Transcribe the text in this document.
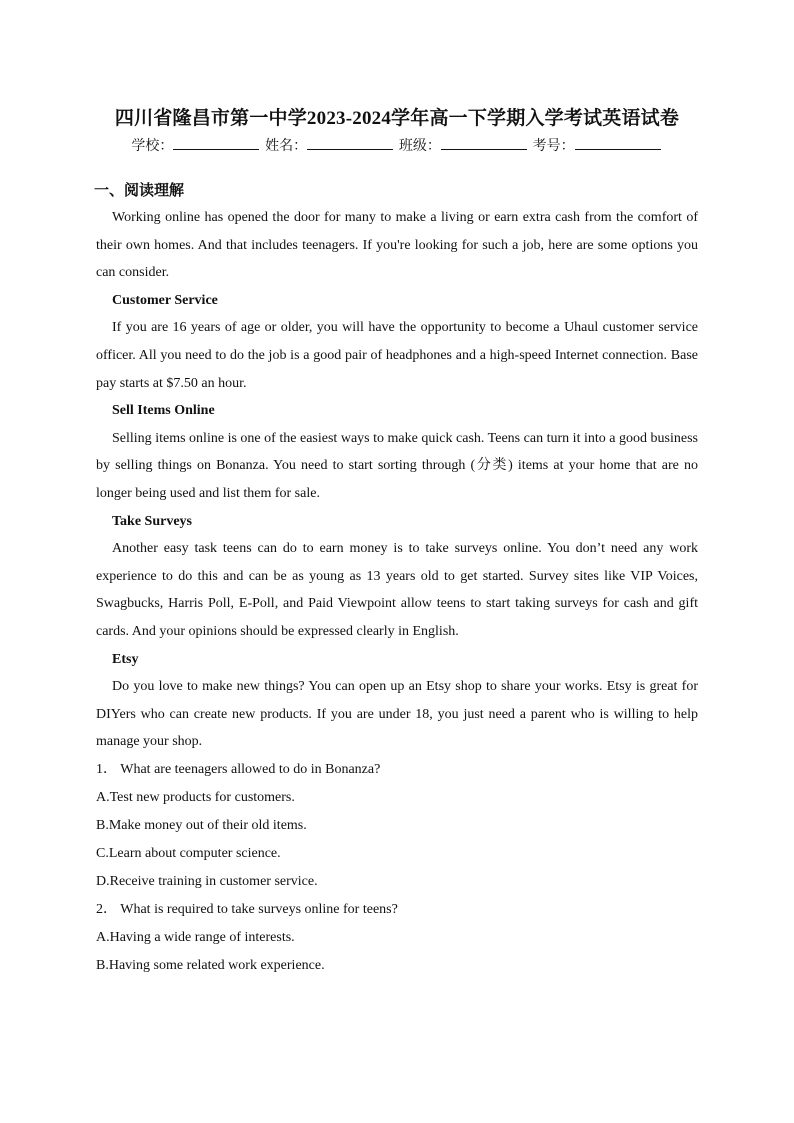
四川省隆昌市第一中学2023-2024学年高一下学期入学考试英语试卷
学校：	姓名：	班级：	考号：
一、阅读理解

Working online has opened the door for many to make a living or earn extra cash from the comfort of their own homes. And that includes teenagers. If you're looking for such a job, here are some options you can consider.

Customer Service

If you are 16 years of age or older, you will have the opportunity to become a Uhaul customer service officer. All you need to do the job is a good pair of headphones and a high-speed Internet connection. Base pay starts at $7.50 an hour.

Sell Items Online

Selling items online is one of the easiest ways to make quick cash. Teens can turn it into a good business by selling things on Bonanza. You need to start sorting through (分类) items at your home that are no longer being used and list them for sale.

Take Surveys

Another easy task teens can do to earn money is to take surveys online. You don’t need any work experience to do this and can be as young as 13 years old to get started. Survey sites like VIP Voices, Swagbucks, Harris Poll, E-Poll, and Paid Viewpoint allow teens to start taking surveys for cash and gift cards. And your opinions should be expressed clearly in English.

Etsy

Do you love to make new things? You can open up an Etsy shop to share your works. Etsy is great for DIYers who can create new products. If you are under 18, you just need a parent who is willing to help manage your shop.

1． What are teenagers allowed to do in Bonanza?
A.Test new products for customers.
B.Make money out of their old items.
C.Learn about computer science.
D.Receive training in customer service.
2． What is required to take surveys online for teens?
A.Having a wide range of interests.
B.Having some related work experience.
